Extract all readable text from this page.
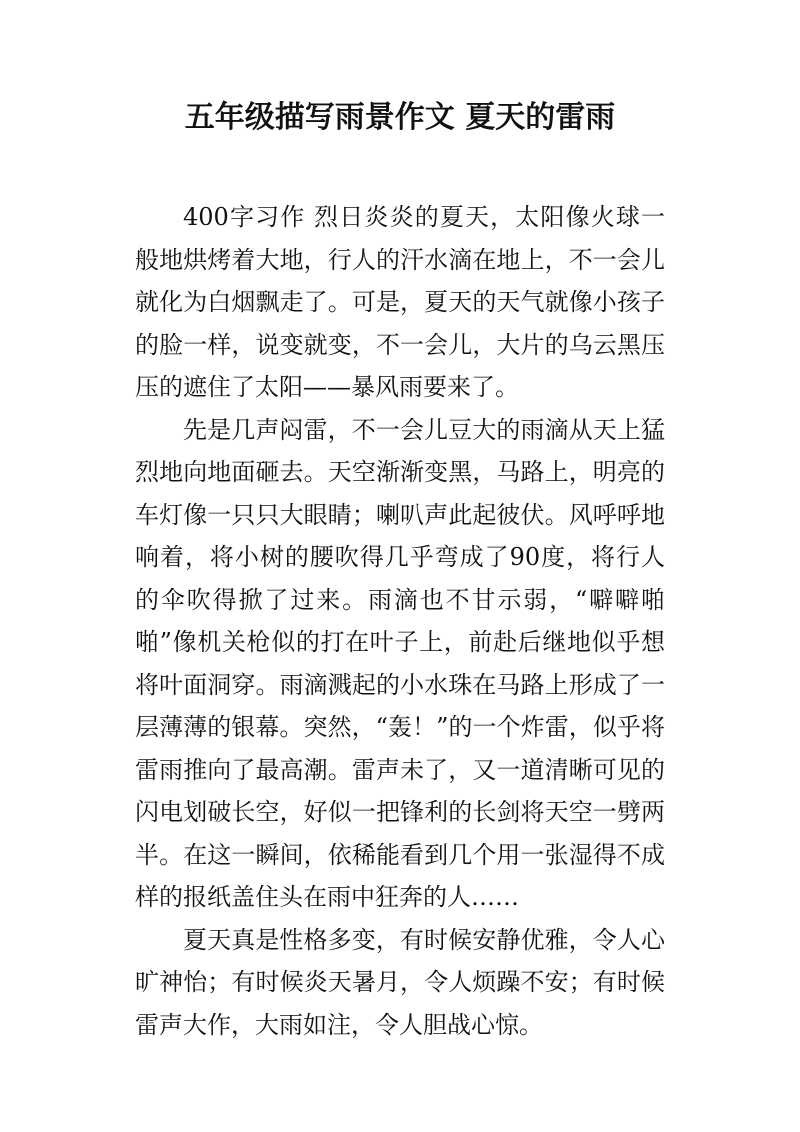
五年级描写雨景作文 夏天的雷雨

400字习作 烈日炎炎的夏天，太阳像火球一般地烘烤着大地，行人的汗水滴在地上，不一会儿就化为白烟飘走了。可是，夏天的天气就像小孩子的脸一样，说变就变，不一会儿，大片的乌云黑压压的遮住了太阳——暴风雨要来了。

先是几声闷雷，不一会儿豆大的雨滴从天上猛烈地向地面砸去。天空渐渐变黑，马路上，明亮的车灯像一只只大眼睛；喇叭声此起彼伏。风呼呼地响着，将小树的腰吹得几乎弯成了90度，将行人的伞吹得掀了过来。雨滴也不甘示弱，“噼噼啪啪”像机关枪似的打在叶子上，前赴后继地似乎想将叶面洞穿。雨滴溅起的小水珠在马路上形成了一层薄薄的银幕。突然，“轰！”的一个炸雷，似乎将雷雨推向了最高潮。雷声未了，又一道清晰可见的闪电划破长空，好似一把锋利的长剑将天空一劈两半。在这一瞬间，依稀能看到几个用一张湿得不成样的报纸盖住头在雨中狂奔的人……

夏天真是性格多变，有时候安静优雅，令人心旷神怡；有时候炎天暑月，令人烦躁不安；有时候雷声大作，大雨如注，令人胆战心惊。
